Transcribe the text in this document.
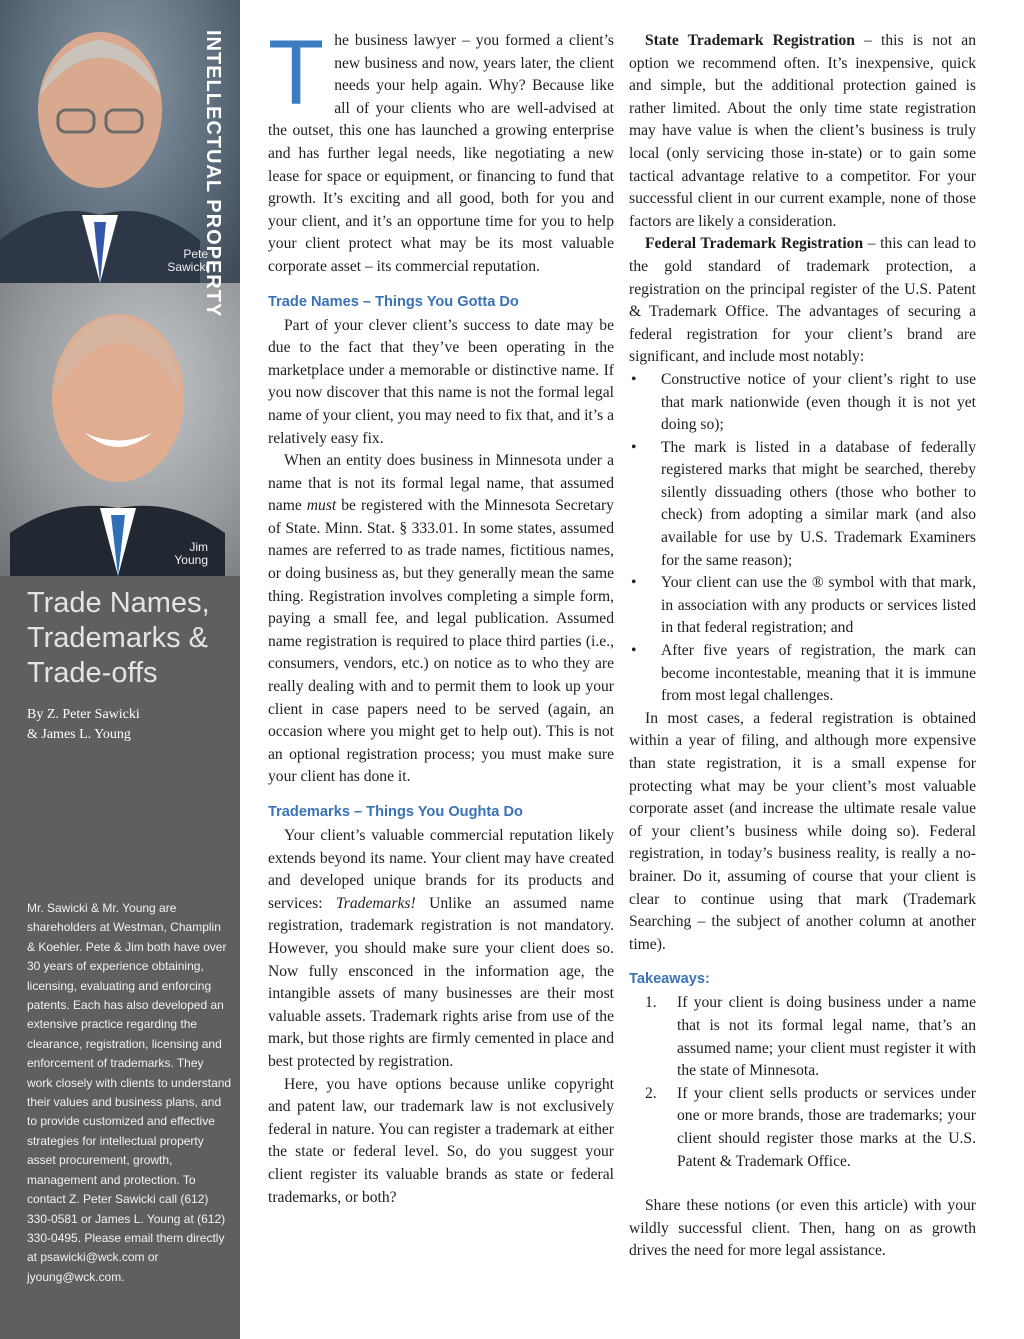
Pete
Sawicki
Jim
Young
INTELLECTUAL PROPERTY
Trade Names,
Trademarks &
Trade-offs
By Z. Peter Sawicki
& James L. Young
Mr. Sawicki & Mr. Young are shareholders at Westman, Champlin & Koehler. Pete & Jim both have over 30 years of experience obtaining, licensing, evaluating and enforcing patents. Each has also developed an extensive practice regarding the clearance, registration, licensing and enforcement of trademarks. They work closely with clients to understand their values and business plans, and to provide customized and effective strategies for intellectual property asset procurement, growth, management and protection. To contact Z. Peter Sawicki call (612) 330-0581 or James L. Young at (612) 330-0495. Please email them directly at psawicki@wck.com or jyoung@wck.com.

The business lawyer – you formed a client’s new business and now, years later, the client needs your help again. Why? Because like all of your clients who are well-advised at the outset, this one has launched a growing enterprise and has further legal needs, like negotiating a new lease for space or equipment, or financing to fund that growth. It’s exciting and all good, both for you and your client, and it’s an opportune time for you to help your client protect what may be its most valuable corporate asset – its commercial reputation.

Trade Names – Things You Gotta Do

Part of your clever client’s success to date may be due to the fact that they’ve been operating in the marketplace under a memorable or distinctive name. If you now discover that this name is not the formal legal name of your client, you may need to fix that, and it’s a relatively easy fix.

When an entity does business in Minnesota under a name that is not its formal legal name, that assumed name must be registered with the Minnesota Secretary of State. Minn. Stat. § 333.01. In some states, assumed names are referred to as trade names, fictitious names, or doing business as, but they generally mean the same thing. Registration involves completing a simple form, paying a small fee, and legal publication. Assumed name registration is required to place third parties (i.e., consumers, vendors, etc.) on notice as to who they are really dealing with and to permit them to look up your client in case papers need to be served (again, an occasion where you might get to help out). This is not an optional registration process; you must make sure your client has done it.

Trademarks – Things You Oughta Do

Your client’s valuable commercial reputation likely extends beyond its name. Your client may have created and developed unique brands for its products and services: Trademarks! Unlike an assumed name registration, trademark registration is not mandatory. However, you should make sure your client does so. Now fully ensconced in the information age, the intangible assets of many businesses are their most valuable assets. Trademark rights arise from use of the mark, but those rights are firmly cemented in place and best protected by registration.

Here, you have options because unlike copyright and patent law, our trademark law is not exclusively federal in nature. You can register a trademark at either the state or federal level. So, do you suggest your client register its valuable brands as state or federal trademarks, or both?

State Trademark Registration – this is not an option we recommend often. It’s inexpensive, quick and simple, but the additional protection gained is rather limited. About the only time state registration may have value is when the client’s business is truly local (only servicing those in-state) or to gain some tactical advantage relative to a competitor. For your successful client in our current example, none of those factors are likely a consideration.

Federal Trademark Registration – this can lead to the gold standard of trademark protection, a registration on the principal register of the U.S. Patent & Trademark Office. The advantages of securing a federal registration for your client’s brand are significant, and include most notably:

• Constructive notice of your client’s right to use that mark nationwide (even though it is not yet doing so);
• The mark is listed in a database of federally registered marks that might be searched, thereby silently dissuading others (those who bother to check) from adopting a similar mark (and also available for use by U.S. Trademark Examiners for the same reason);
• Your client can use the ® symbol with that mark, in association with any products or services listed in that federal registration; and
• After five years of registration, the mark can become incontestable, meaning that it is immune from most legal challenges.

In most cases, a federal registration is obtained within a year of filing, and although more expensive than state registration, it is a small expense for protecting what may be your client’s most valuable corporate asset (and increase the ultimate resale value of your client’s business while doing so). Federal registration, in today’s business reality, is really a no-brainer. Do it, assuming of course that your client is clear to continue using that mark (Trademark Searching – the subject of another column at another time).

Takeaways:
1. If your client is doing business under a name that is not its formal legal name, that’s an assumed name; your client must register it with the state of Minnesota.
2. If your client sells products or services under one or more brands, those are trademarks; your client should register those marks at the U.S. Patent & Trademark Office.

Share these notions (or even this article) with your wildly successful client. Then, hang on as growth drives the need for more legal assistance.
